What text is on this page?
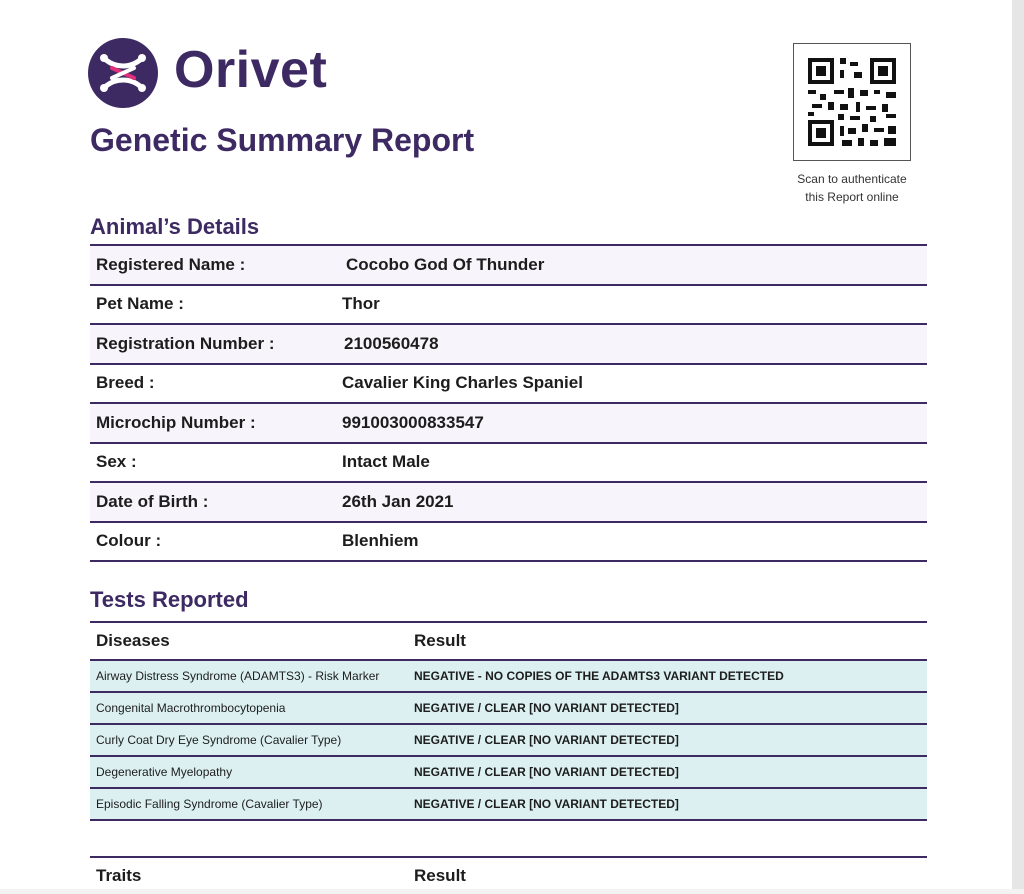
Orivet
Genetic Summary Report
Scan to authenticate
this Report online
Animal’s Details
Registered Name :	Cocobo God Of Thunder
Pet Name :	Thor
Registration Number :	2100560478
Breed :	Cavalier King Charles Spaniel
Microchip Number :	991003000833547
Sex :	Intact Male
Date of Birth :	26th Jan 2021
Colour :	Blenhiem
Tests Reported
Diseases	Result
Airway Distress Syndrome (ADAMTS3) - Risk Marker	NEGATIVE - NO COPIES OF THE ADAMTS3 VARIANT DETECTED
Congenital Macrothrombocytopenia	NEGATIVE / CLEAR [NO VARIANT DETECTED]
Curly Coat Dry Eye Syndrome (Cavalier Type)	NEGATIVE / CLEAR [NO VARIANT DETECTED]
Degenerative Myelopathy	NEGATIVE / CLEAR [NO VARIANT DETECTED]
Episodic Falling Syndrome (Cavalier Type)	NEGATIVE / CLEAR [NO VARIANT DETECTED]
Traits	Result
